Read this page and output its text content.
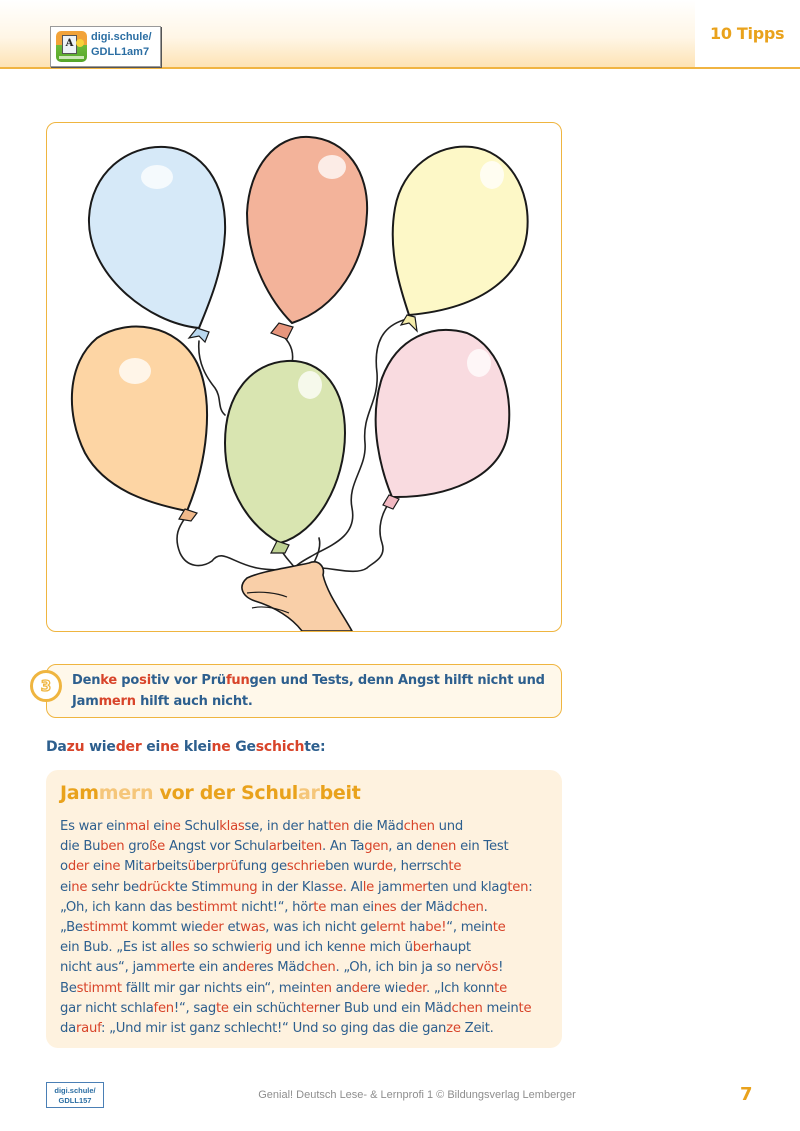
10 Tipps
A
digi.schule/
GDLL1am7
3	Denke positiv vor Prüfungen und Tests, denn Angst hilft nicht und
Jammern hilft auch nicht.
Dazu wieder eine kleine Geschichte:
Jammern vor der Schularbeit
Es war einmal eine Schulklasse, in der hatten die Mädchen und
die Buben große Angst vor Schularbeiten. An Tagen, an denen ein Test
oder eine Mitarbeitsüberprüfung geschrieben wurde, herrschte
eine sehr bedrückte Stimmung in der Klasse. Alle jammerten und klagten:
„Oh, ich kann das bestimmt nicht!“, hörte man eines der Mädchen.
„Bestimmt kommt wieder etwas, was ich nicht gelernt habe!“, meinte
ein Bub. „Es ist alles so schwierig und ich kenne mich überhaupt
nicht aus“, jammerte ein anderes Mädchen. „Oh, ich bin ja so nervös!
Bestimmt fällt mir gar nichts ein“, meinten andere wieder. „Ich konnte
gar nicht schlafen!“, sagte ein schüchterner Bub und ein Mädchen meinte
darauf: „Und mir ist ganz schlecht!“ Und so ging das die ganze Zeit.
digi.schule/
GDLL157	Genial! Deutsch Lese- & Lernprofi 1 © Bildungsverlag Lemberger	7
